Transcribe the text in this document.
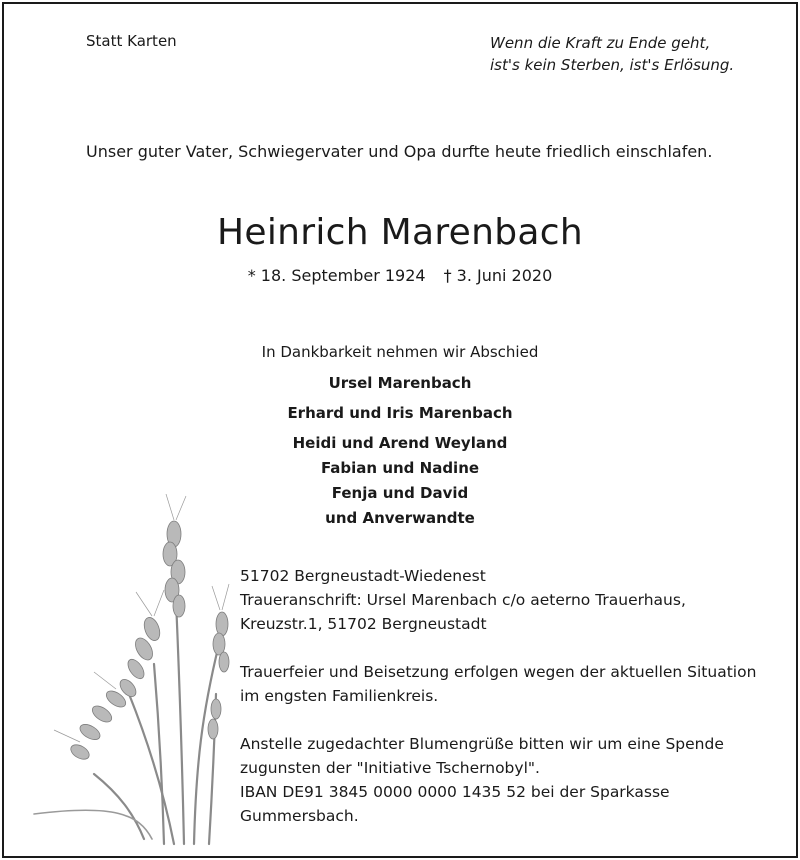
Statt Karten	Wenn die Kraft zu Ende geht,
ist's kein Sterben, ist's Erlösung.
Unser guter Vater, Schwiegervater und Opa durfte heute friedlich einschlafen.
Heinrich Marenbach
* 18. September 1924 † 3. Juni 2020
In Dankbarkeit nehmen wir Abschied
Ursel Marenbach
Erhard und Iris Marenbach
Heidi und Arend Weyland
Fabian und Nadine
Fenja und David
und Anverwandte
51702 Bergneustadt-Wiedenest
Traueranschrift: Ursel Marenbach c/o aeterno Trauerhaus,
Kreuzstr.1, 51702 Bergneustadt
Trauerfeier und Beisetzung erfolgen wegen der aktuellen Situation
im engsten Familienkreis.
Anstelle zugedachter Blumengrüße bitten wir um eine Spende
zugunsten der "Initiative Tschernobyl".
IBAN DE91 3845 0000 0000 1435 52 bei der Sparkasse
Gummersbach.
